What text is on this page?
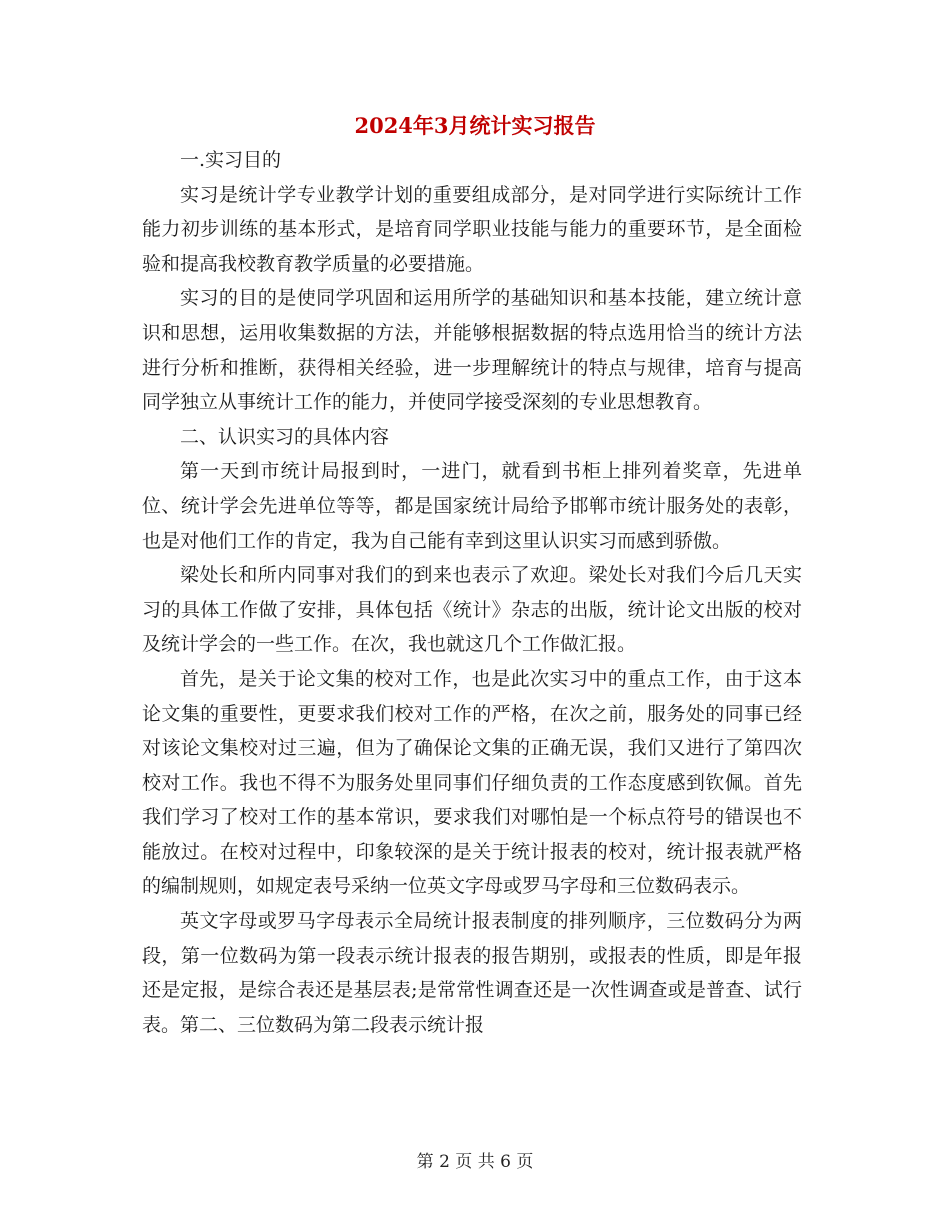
2024年3月统计实习报告

一.实习目的

实习是统计学专业教学计划的重要组成部分，是对同学进行实际统计工作能力初步训练的基本形式，是培育同学职业技能与能力的重要环节，是全面检验和提高我校教育教学质量的必要措施。

实习的目的是使同学巩固和运用所学的基础知识和基本技能，建立统计意识和思想，运用收集数据的方法，并能够根据数据的特点选用恰当的统计方法进行分析和推断，获得相关经验，进一步理解统计的特点与规律，培育与提高同学独立从事统计工作的能力，并使同学接受深刻的专业思想教育。

二、认识实习的具体内容

第一天到市统计局报到时，一进门，就看到书柜上排列着奖章，先进单位、统计学会先进单位等等，都是国家统计局给予邯郸市统计服务处的表彰，也是对他们工作的肯定，我为自己能有幸到这里认识实习而感到骄傲。

梁处长和所内同事对我们的到来也表示了欢迎。梁处长对我们今后几天实习的具体工作做了安排，具体包括《统计》杂志的出版，统计论文出版的校对及统计学会的一些工作。在次，我也就这几个工作做汇报。

首先，是关于论文集的校对工作，也是此次实习中的重点工作，由于这本论文集的重要性，更要求我们校对工作的严格，在次之前，服务处的同事已经对该论文集校对过三遍，但为了确保论文集的正确无误，我们又进行了第四次校对工作。我也不得不为服务处里同事们仔细负责的工作态度感到钦佩。首先我们学习了校对工作的基本常识，要求我们对哪怕是一个标点符号的错误也不能放过。在校对过程中，印象较深的是关于统计报表的校对，统计报表就严格的编制规则，如规定表号采纳一位英文字母或罗马字母和三位数码表示。

英文字母或罗马字母表示全局统计报表制度的排列顺序，三位数码分为两段，第一位数码为第一段表示统计报表的报告期别，或报表的性质，即是年报还是定报，是综合表还是基层表;是常常性调查还是一次性调查或是普查、试行表。第二、三位数码为第二段表示统计报

第 2 页 共 6 页
